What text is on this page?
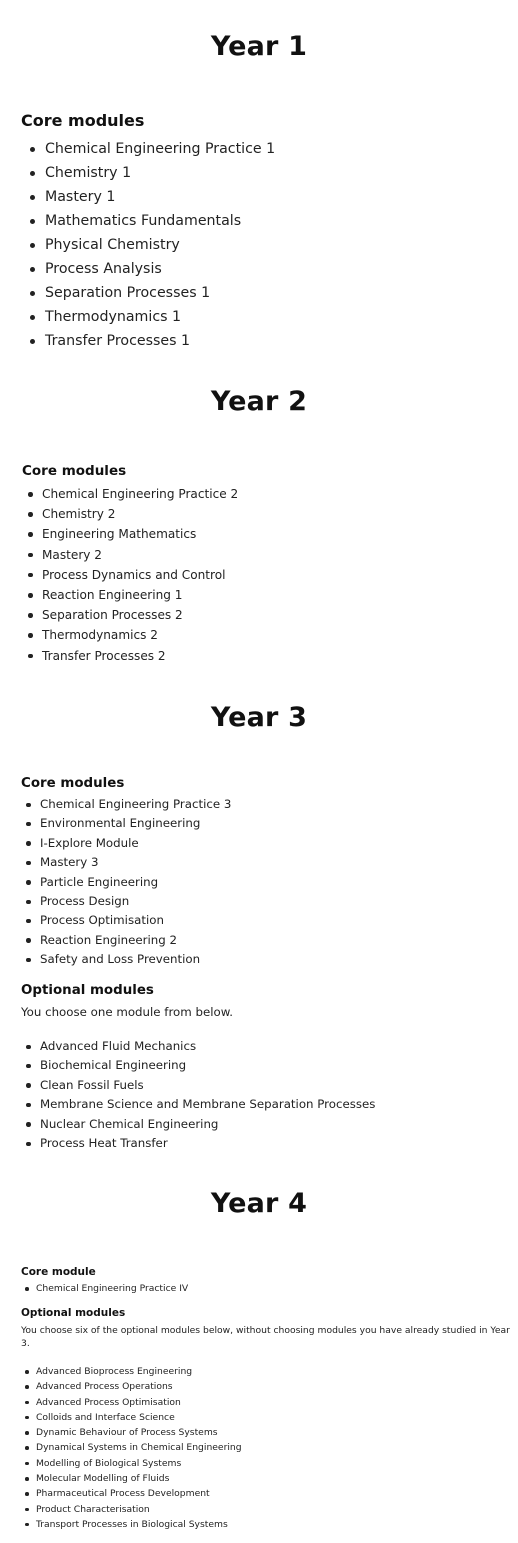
Year 1
Core modules
Chemical Engineering Practice 1
Chemistry 1
Mastery 1
Mathematics Fundamentals
Physical Chemistry
Process Analysis
Separation Processes 1
Thermodynamics 1
Transfer Processes 1
Year 2
Core modules
Chemical Engineering Practice 2
Chemistry 2
Engineering Mathematics
Mastery 2
Process Dynamics and Control
Reaction Engineering 1
Separation Processes 2
Thermodynamics 2
Transfer Processes 2
Year 3
Core modules
Chemical Engineering Practice 3
Environmental Engineering
I-Explore Module
Mastery 3
Particle Engineering
Process Design
Process Optimisation
Reaction Engineering 2
Safety and Loss Prevention
Optional modules

You choose one module from below.

Advanced Fluid Mechanics
Biochemical Engineering
Clean Fossil Fuels
Membrane Science and Membrane Separation Processes
Nuclear Chemical Engineering
Process Heat Transfer
Year 4
Core module
Chemical Engineering Practice IV
Optional modules

You choose six of the optional modules below, without choosing modules you have already studied in Year 3.

Advanced Bioprocess Engineering
Advanced Process Operations
Advanced Process Optimisation
Colloids and Interface Science
Dynamic Behaviour of Process Systems
Dynamical Systems in Chemical Engineering
Modelling of Biological Systems
Molecular Modelling of Fluids
Pharmaceutical Process Development
Product Characterisation
Transport Processes in Biological Systems
